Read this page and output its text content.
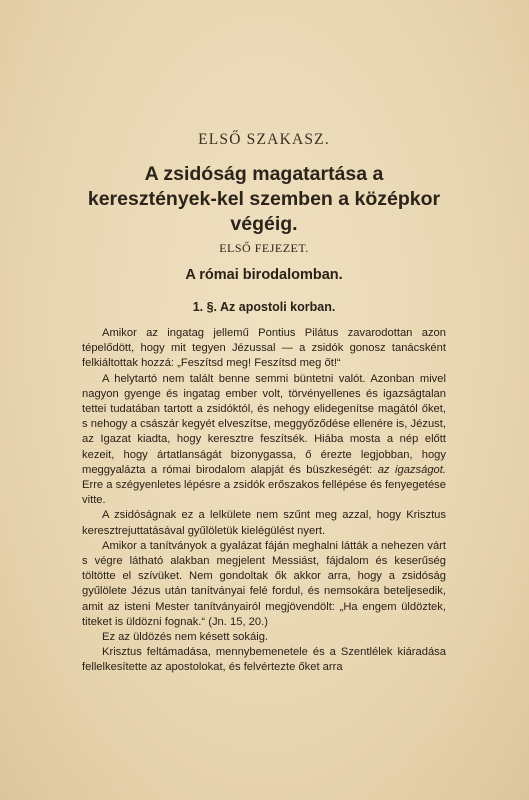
ELSŐ SZAKASZ.
A zsidóság magatartása a keresztények-kel szemben a középkor végéig.
ELSŐ FEJEZET.
A római birodalomban.
1. §. Az apostoli korban.

Amikor az ingatag jellemű Pontius Pilátus zavarodottan azon tépelődött, hogy mit tegyen Jézussal — a zsidók gonosz tanácsként felkiáltottak hozzá: „Feszítsd meg! Feszítsd meg őt!“

A helytartó nem talált benne semmi büntetni valót. Azonban mivel nagyon gyenge és ingatag ember volt, törvényellenes és igazságtalan tettei tudatában tartott a zsidóktól, és nehogy elidegenítse magától őket, s nehogy a császár kegyét elveszítse, meggyőződése ellenére is, Jézust, az Igazat kiadta, hogy keresztre feszítsék. Hiába mosta a nép előtt kezeit, hogy ártatlanságát bizonygassa, ő érezte legjobban, hogy meggyalázta a római birodalom alapját és büszkeségét: az igazságot. Erre a szégyenletes lépésre a zsidók erőszakos fellépése és fenyegetése vitte.

A zsidóságnak ez a lelkülete nem szűnt meg azzal, hogy Krisztus keresztrejuttatásával gyűlöletük kielégülést nyert.

Amikor a tanítványok a gyalázat fáján meghalni látták a nehezen várt s végre látható alakban megjelent Messiást, fájdalom és keserűség töltötte el szívüket. Nem gondoltak ők akkor arra, hogy a zsidóság gyűlölete Jézus után tanítványai felé fordul, és nemsokára beteljesedik, amit az isteni Mester tanítványairól megjövendölt: „Ha engem üldöztek, titeket is üldözni fognak.“ (Jn. 15, 20.)

Ez az üldözés nem késett sokáig.

Krisztus feltámadása, mennybemenetele és a Szentlélek kiáradása fellelkesítette az apostolokat, és felvértezte őket arra
